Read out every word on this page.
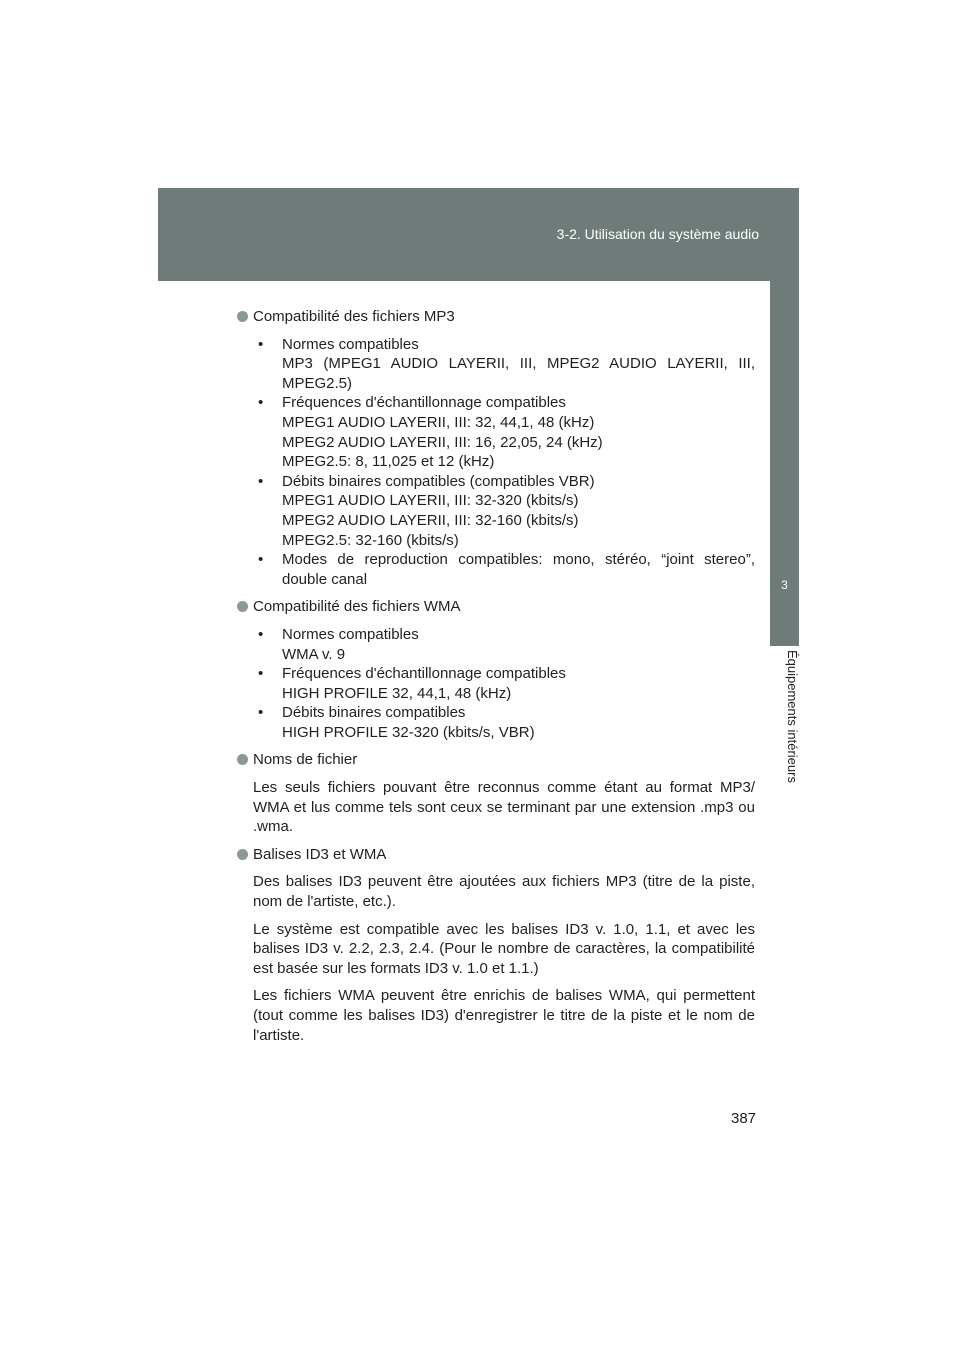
3-2. Utilisation du système audio
3
Équipements intérieurs
Compatibilité des fichiers MP3
• Normes compatibles
MP3 (MPEG1 AUDIO LAYERII, III, MPEG2 AUDIO LAYERII, III, MPEG2.5)
• Fréquences d'échantillonnage compatibles
MPEG1 AUDIO LAYERII, III: 32, 44,1, 48 (kHz)
MPEG2 AUDIO LAYERII, III: 16, 22,05, 24 (kHz)
MPEG2.5: 8, 11,025 et 12 (kHz)
• Débits binaires compatibles (compatibles VBR)
MPEG1 AUDIO LAYERII, III: 32-320 (kbits/s)
MPEG2 AUDIO LAYERII, III: 32-160 (kbits/s)
MPEG2.5: 32-160 (kbits/s)
• Modes de reproduction compatibles: mono, stéréo, “joint stereo”, double canal
Compatibilité des fichiers WMA
• Normes compatibles
WMA v. 9
• Fréquences d'échantillonnage compatibles
HIGH PROFILE 32, 44,1, 48 (kHz)
• Débits binaires compatibles
HIGH PROFILE 32-320 (kbits/s, VBR)
Noms de fichier
Les seuls fichiers pouvant être reconnus comme étant au format MP3/ WMA et lus comme tels sont ceux se terminant par une extension .mp3 ou .wma.
Balises ID3 et WMA
Des balises ID3 peuvent être ajoutées aux fichiers MP3 (titre de la piste, nom de l'artiste, etc.).
Le système est compatible avec les balises ID3 v. 1.0, 1.1, et avec les balises ID3 v. 2.2, 2.3, 2.4. (Pour le nombre de caractères, la compatibilité est basée sur les formats ID3 v. 1.0 et 1.1.)
Les fichiers WMA peuvent être enrichis de balises WMA, qui permettent (tout comme les balises ID3) d'enregistrer le titre de la piste et le nom de l'artiste.
387
